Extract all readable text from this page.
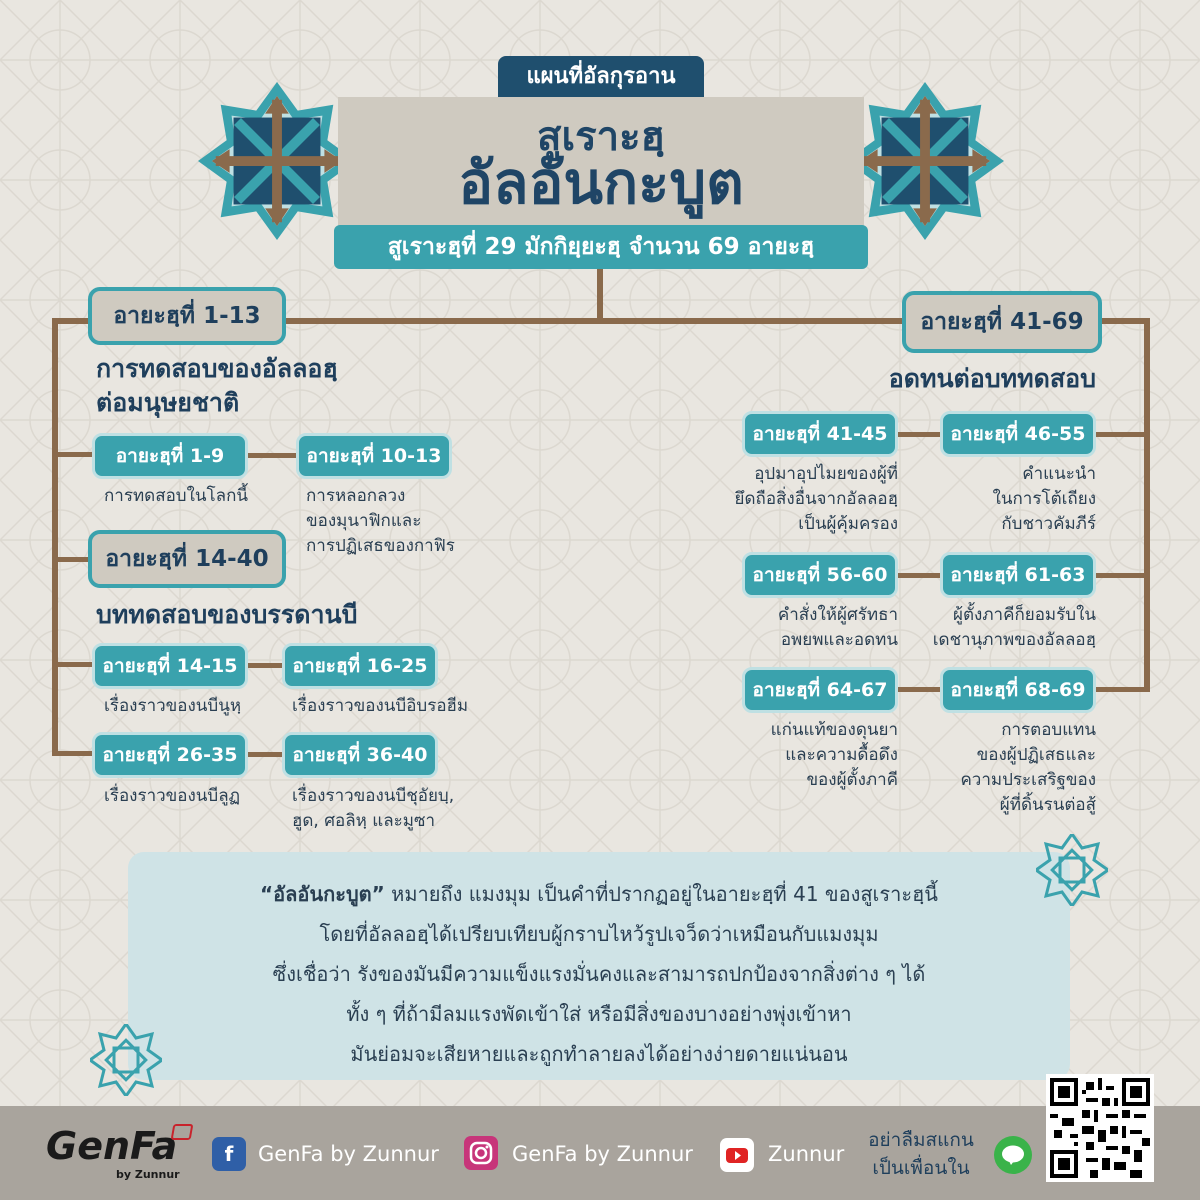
แผนที่อัลกุรอาน
สูเราะฮฺ
อัลอันกะบูต
สูเราะฮฺที่ 29 มักกิยฺยะฮฺ จำนวน 69 อายะฮฺ
อายะฮฺที่ 1-13
การทดสอบของอัลลอฮฺ
ต่อมนุษยชาติ
อายะฮฺที่ 1-9
การทดสอบในโลกนี้
อายะฮฺที่ 10-13
การหลอกลวง
ของมุนาฟิกและ
การปฏิเสธของกาฟิร
อายะฮฺที่ 14-40
บททดสอบของบรรดานบี
อายะฮฺที่ 14-15
เรื่องราวของนบีนูหฺ
อายะฮฺที่ 16-25
เรื่องราวของนบีอิบรอฮีม
อายะฮฺที่ 26-35
เรื่องราวของนบีลูฏ
อายะฮฺที่ 36-40
เรื่องราวของนบีชุอัยบฺ,
ฮูด, ศอลิหฺ และมูซา
อายะฮฺที่ 41-69
อดทนต่อบททดสอบ
อายะฮฺที่ 41-45
อุปมาอุปไมยของผู้ที่
ยึดถือสิ่งอื่นจากอัลลอฮฺ
เป็นผู้คุ้มครอง
อายะฮฺที่ 46-55
คำแนะนำ
ในการโต้เถียง
กับชาวคัมภีร์
อายะฮฺที่ 56-60
คำสั่งให้ผู้ศรัทธา
อพยพและอดทน
อายะฮฺที่ 61-63
ผู้ตั้งภาคีก็ยอมรับใน
เดชานุภาพของอัลลอฮฺ
อายะฮฺที่ 64-67
แก่นแท้ของดุนยา
และความดื้อดึง
ของผู้ตั้งภาคี
อายะฮฺที่ 68-69
การตอบแทน
ของผู้ปฏิเสธและ
ความประเสริฐของ
ผู้ที่ดิ้นรนต่อสู้
“อัลอันกะบูต” หมายถึง แมงมุม เป็นคำที่ปรากฏอยู่ในอายะฮฺที่ 41 ของสูเราะฮฺนี้
โดยที่อัลลอฮฺได้เปรียบเทียบผู้กราบไหว้รูปเจว็ดว่าเหมือนกับแมงมุม
ซึ่งเชื่อว่า รังของมันมีความแข็งแรงมั่นคงและสามารถปกป้องจากสิ่งต่าง ๆ ได้
ทั้ง ๆ ที่ถ้ามีลมแรงพัดเข้าใส่ หรือมีสิ่งของบางอย่างพุ่งเข้าหา
มันย่อมจะเสียหายและถูกทำลายลงได้อย่างง่ายดายแน่นอน
GenFa
by Zunnur
f	GenFa by Zunnur	GenFa by Zunnur	Zunnur
อย่าลืมสแกน
เป็นเพื่อนใน
